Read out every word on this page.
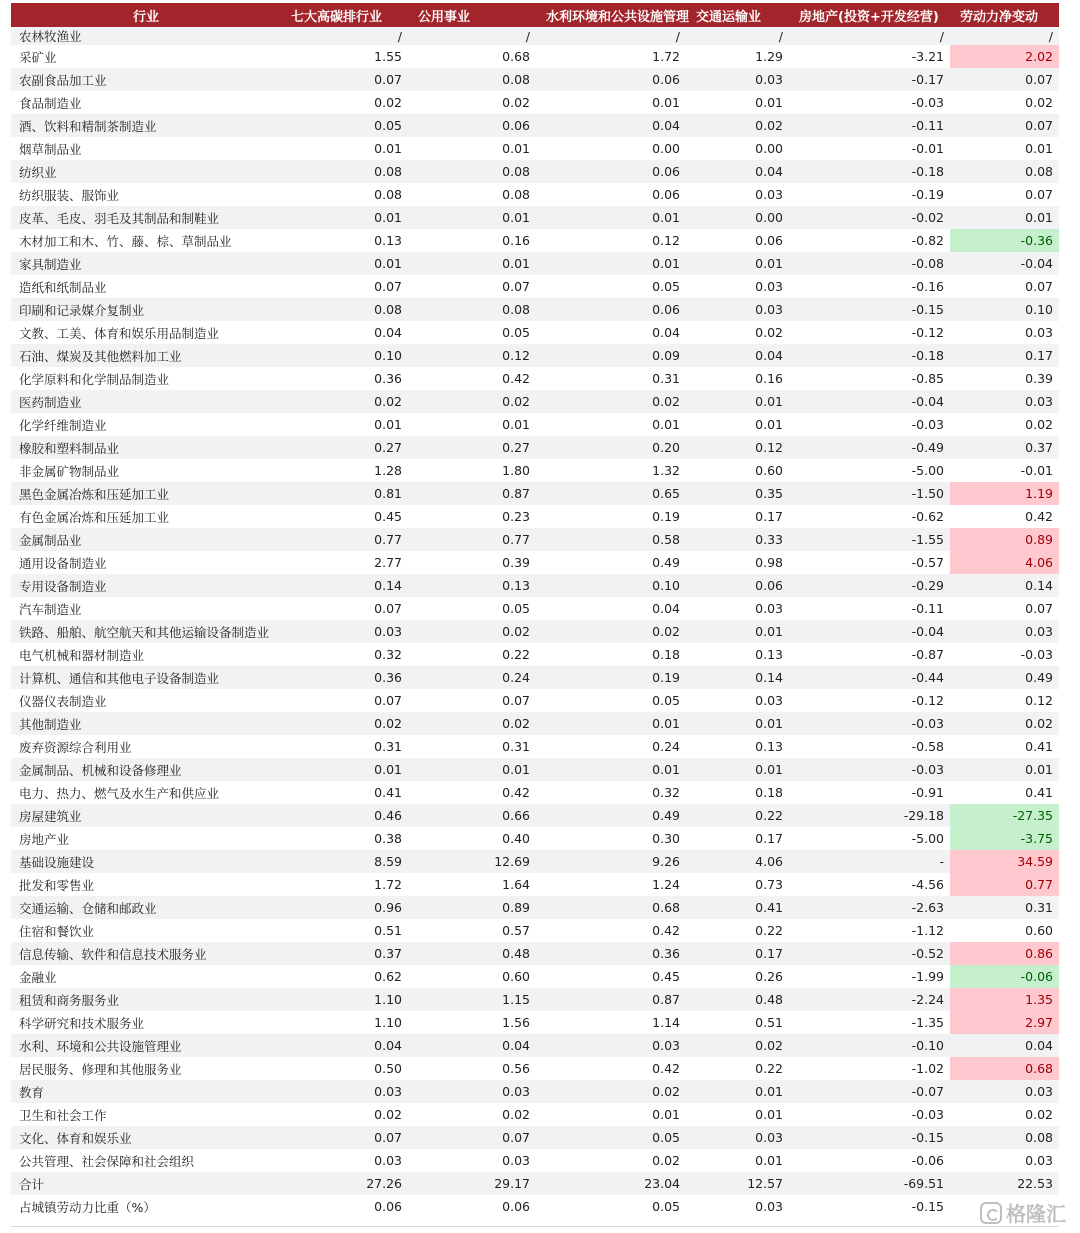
行业	七大高碳排行业	公用事业	水利环境和公共设施管理	交通运输业	房地产(投资+开发经营)	劳动力净变动
农林牧渔业	/	/	/	/	/	/
采矿业	1.55	0.68	1.72	1.29	-3.21	2.02
农副食品加工业	0.07	0.08	0.06	0.03	-0.17	0.07
食品制造业	0.02	0.02	0.01	0.01	-0.03	0.02
酒、饮料和精制茶制造业	0.05	0.06	0.04	0.02	-0.11	0.07
烟草制品业	0.01	0.01	0.00	0.00	-0.01	0.01
纺织业	0.08	0.08	0.06	0.04	-0.18	0.08
纺织服装、服饰业	0.08	0.08	0.06	0.03	-0.19	0.07
皮革、毛皮、羽毛及其制品和制鞋业	0.01	0.01	0.01	0.00	-0.02	0.01
木材加工和木、竹、藤、棕、草制品业	0.13	0.16	0.12	0.06	-0.82	-0.36
家具制造业	0.01	0.01	0.01	0.01	-0.08	-0.04
造纸和纸制品业	0.07	0.07	0.05	0.03	-0.16	0.07
印刷和记录媒介复制业	0.08	0.08	0.06	0.03	-0.15	0.10
文教、工美、体育和娱乐用品制造业	0.04	0.05	0.04	0.02	-0.12	0.03
石油、煤炭及其他燃料加工业	0.10	0.12	0.09	0.04	-0.18	0.17
化学原料和化学制品制造业	0.36	0.42	0.31	0.16	-0.85	0.39
医药制造业	0.02	0.02	0.02	0.01	-0.04	0.03
化学纤维制造业	0.01	0.01	0.01	0.01	-0.03	0.02
橡胶和塑料制品业	0.27	0.27	0.20	0.12	-0.49	0.37
非金属矿物制品业	1.28	1.80	1.32	0.60	-5.00	-0.01
黑色金属冶炼和压延加工业	0.81	0.87	0.65	0.35	-1.50	1.19
有色金属冶炼和压延加工业	0.45	0.23	0.19	0.17	-0.62	0.42
金属制品业	0.77	0.77	0.58	0.33	-1.55	0.89
通用设备制造业	2.77	0.39	0.49	0.98	-0.57	4.06
专用设备制造业	0.14	0.13	0.10	0.06	-0.29	0.14
汽车制造业	0.07	0.05	0.04	0.03	-0.11	0.07
铁路、船舶、航空航天和其他运输设备制造业	0.03	0.02	0.02	0.01	-0.04	0.03
电气机械和器材制造业	0.32	0.22	0.18	0.13	-0.87	-0.03
计算机、通信和其他电子设备制造业	0.36	0.24	0.19	0.14	-0.44	0.49
仪器仪表制造业	0.07	0.07	0.05	0.03	-0.12	0.12
其他制造业	0.02	0.02	0.01	0.01	-0.03	0.02
废弃资源综合利用业	0.31	0.31	0.24	0.13	-0.58	0.41
金属制品、机械和设备修理业	0.01	0.01	0.01	0.01	-0.03	0.01
电力、热力、燃气及水生产和供应业	0.41	0.42	0.32	0.18	-0.91	0.41
房屋建筑业	0.46	0.66	0.49	0.22	-29.18	-27.35
房地产业	0.38	0.40	0.30	0.17	-5.00	-3.75
基础设施建设	8.59	12.69	9.26	4.06	-	34.59
批发和零售业	1.72	1.64	1.24	0.73	-4.56	0.77
交通运输、仓储和邮政业	0.96	0.89	0.68	0.41	-2.63	0.31
住宿和餐饮业	0.51	0.57	0.42	0.22	-1.12	0.60
信息传输、软件和信息技术服务业	0.37	0.48	0.36	0.17	-0.52	0.86
金融业	0.62	0.60	0.45	0.26	-1.99	-0.06
租赁和商务服务业	1.10	1.15	0.87	0.48	-2.24	1.35
科学研究和技术服务业	1.10	1.56	1.14	0.51	-1.35	2.97
水利、环境和公共设施管理业	0.04	0.04	0.03	0.02	-0.10	0.04
居民服务、修理和其他服务业	0.50	0.56	0.42	0.22	-1.02	0.68
教育	0.03	0.03	0.02	0.01	-0.07	0.03
卫生和社会工作	0.02	0.02	0.01	0.01	-0.03	0.02
文化、体育和娱乐业	0.07	0.07	0.05	0.03	-0.15	0.08
公共管理、社会保障和社会组织	0.03	0.03	0.02	0.01	-0.06	0.03
合计	27.26	29.17	23.04	12.57	-69.51	22.53
占城镇劳动力比重（%）	0.06	0.06	0.05	0.03	-0.15		格隆汇
